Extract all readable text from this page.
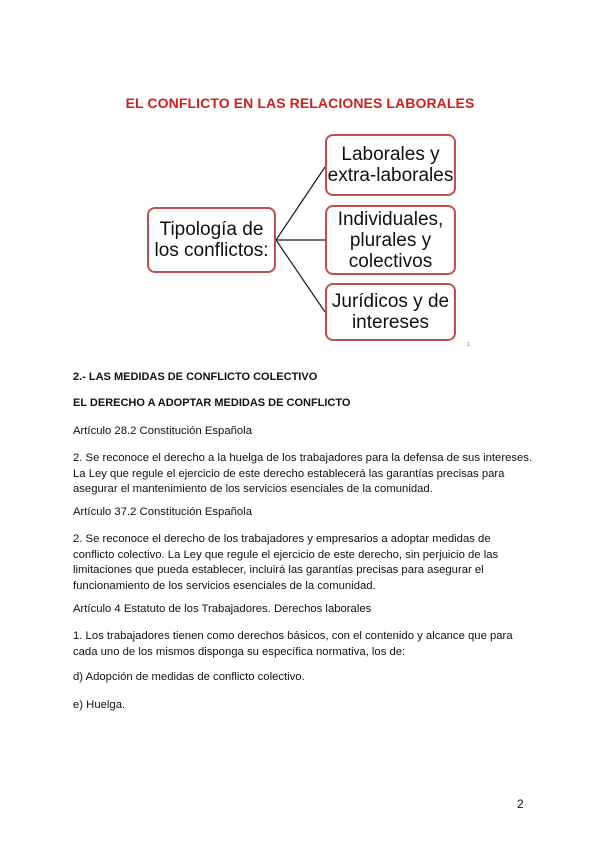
EL CONFLICTO EN LAS RELACIONES LABORALES
Tipología de
los conflictos:
Laborales y
extra-laborales
Individuales,
plurales y
colectivos
Jurídicos y de
intereses
1
2.- LAS MEDIDAS DE CONFLICTO COLECTIVO
EL DERECHO A ADOPTAR MEDIDAS DE CONFLICTO
Artículo 28.2 Constitución Española
2. Se reconoce el derecho a la huelga de los trabajadores para la defensa de sus intereses. La Ley que regule el ejercicio de este derecho establecerá las garantías precisas para asegurar el mantenimiento de los servicios esenciales de la comunidad.
Artículo 37.2 Constitución Española
2. Se reconoce el derecho de los trabajadores y empresarios a adoptar medidas de conflicto colectivo. La Ley que regule el ejercicio de este derecho, sin perjuicio de las limitaciones que pueda establecer, incluirá las garantías precisas para asegurar el funcionamiento de los servicios esenciales de la comunidad.
Artículo 4 Estatuto de los Trabajadores. Derechos laborales
1. Los trabajadores tienen como derechos básicos, con el contenido y alcance que para cada uno de los mismos disponga su específica normativa, los de:
d) Adopción de medidas de conflicto colectivo.
e) Huelga.
2
